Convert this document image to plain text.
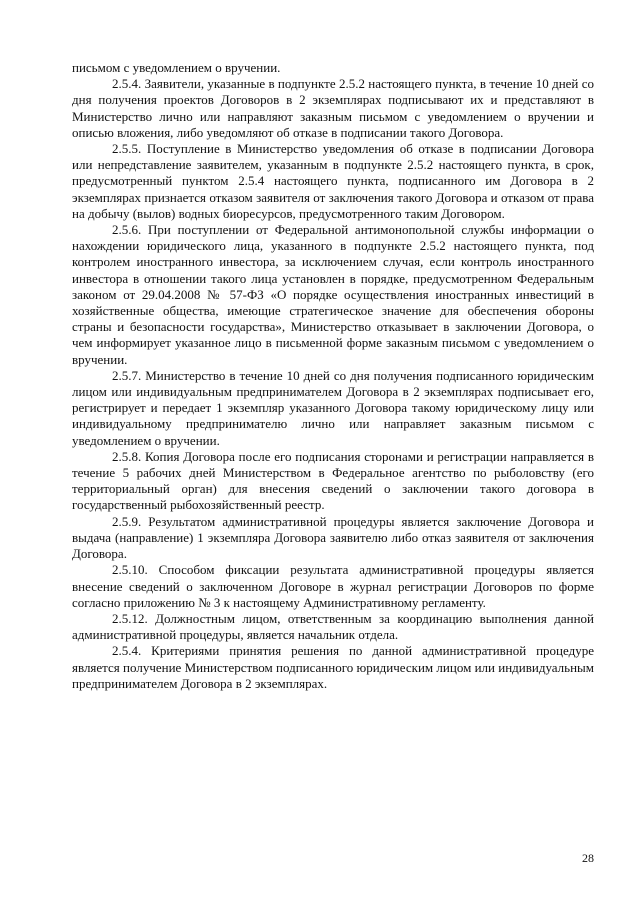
письмом с уведомлением о вручении.

2.5.4. Заявители, указанные в подпункте 2.5.2 настоящего пункта, в течение 10 дней со дня получения проектов Договоров в 2 экземплярах подписывают их и представляют в Министерство лично или направляют заказным письмом с уведомлением о вручении и описью вложения, либо уведомляют об отказе в подписании такого Договора.

2.5.5. Поступление в Министерство уведомления об отказе в подписании Договора или непредставление заявителем, указанным в подпункте 2.5.2 настоящего пункта, в срок, предусмотренный пунктом 2.5.4 настоящего пункта, подписанного им Договора в 2 экземплярах признается отказом заявителя от заключения такого Договора и отказом от права на добычу (вылов) водных биоресурсов, предусмотренного таким Договором.

2.5.6. При поступлении от Федеральной антимонопольной службы информации о нахождении юридического лица, указанного в подпункте 2.5.2 настоящего пункта, под контролем иностранного инвестора, за исключением случая, если контроль иностранного инвестора в отношении такого лица установлен в порядке, предусмотренном Федеральным законом от 29.04.2008 № 57-ФЗ «О порядке осуществления иностранных инвестиций в хозяйственные общества, имеющие стратегическое значение для обеспечения обороны страны и безопасности государства», Министерство отказывает в заключении Договора, о чем информирует указанное лицо в письменной форме заказным письмом с уведомлением о вручении.

2.5.7. Министерство в течение 10 дней со дня получения подписанного юридическим лицом или индивидуальным предпринимателем Договора в 2 экземплярах подписывает его, регистрирует и передает 1 экземпляр указанного Договора такому юридическому лицу или индивидуальному предпринимателю лично или направляет заказным письмом с уведомлением о вручении.

2.5.8. Копия Договора после его подписания сторонами и регистрации направляется в течение 5 рабочих дней Министерством в Федеральное агентство по рыболовству (его территориальный орган) для внесения сведений о заключении такого договора в государственный рыбохозяйственный реестр.

2.5.9. Результатом административной процедуры является заключение Договора и выдача (направление) 1 экземпляра Договора заявителю либо отказ заявителя от заключения Договора.

2.5.10. Способом фиксации результата административной процедуры является внесение сведений о заключенном Договоре в журнал регистрации Договоров по форме согласно приложению № 3 к настоящему Административному регламенту.

2.5.12. Должностным лицом, ответственным за координацию выполнения данной административной процедуры, является начальник отдела.

2.5.4. Критериями принятия решения по данной административной процедуре является получение Министерством подписанного юридическим лицом или индивидуальным предпринимателем Договора в 2 экземплярах.

28
